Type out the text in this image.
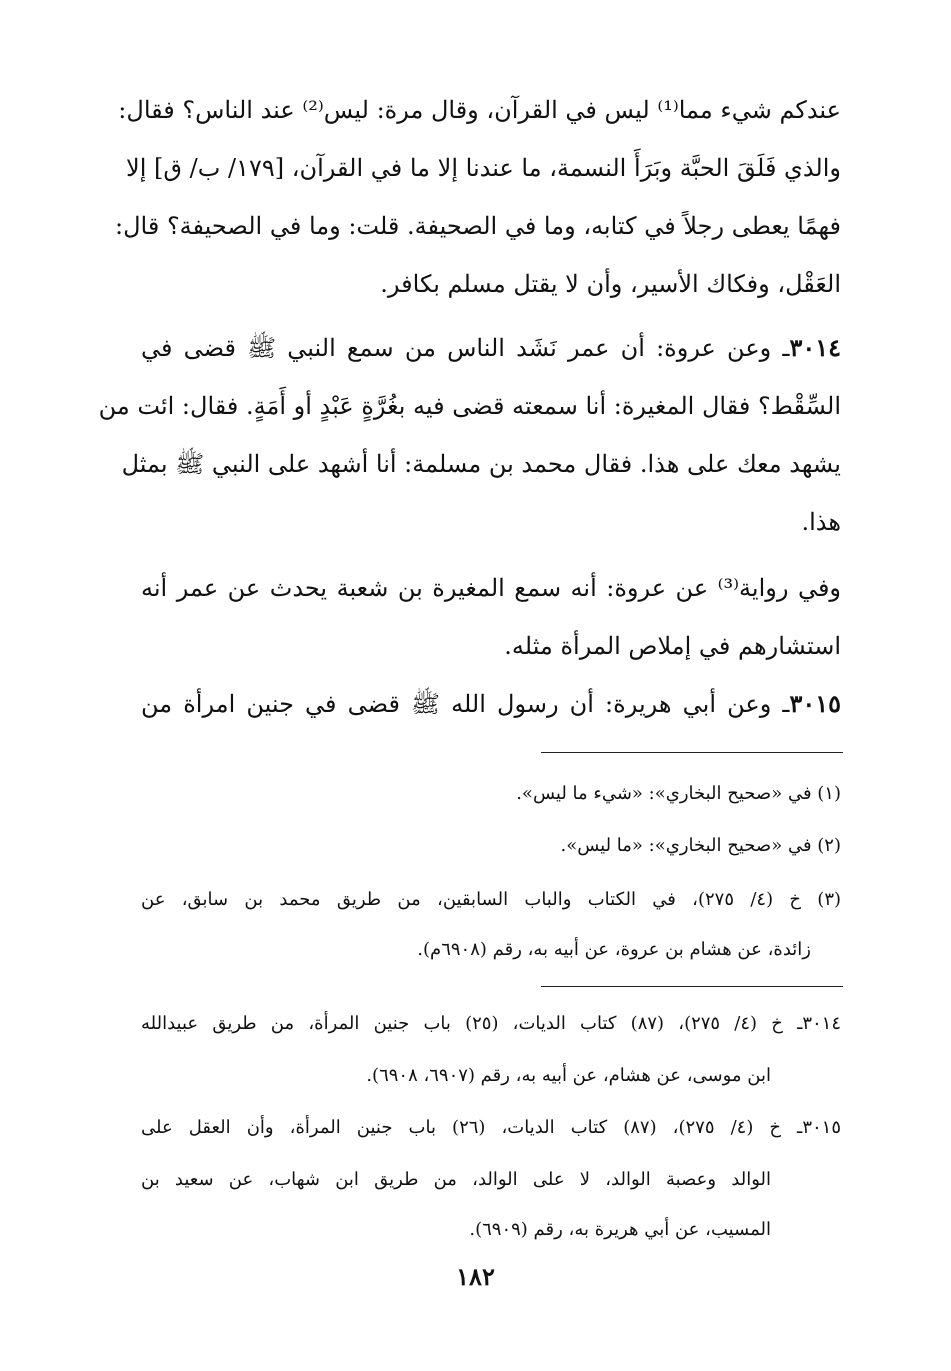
عندكم شيء مما⁽¹⁾ ليس في القرآن، وقال مرة: ليس⁽²⁾ عند الناس؟ فقال:
والذي فَلَقَ الحبَّة وبَرَأَ النسمة، ما عندنا إلا ما في القرآن، [١٧٩/ ب/ ق] إلا
فهمًا يعطى رجلاً في كتابه، وما في الصحيفة. قلت: وما في الصحيفة؟ قال:
العَقْل، وفكاك الأسير، وأن لا يقتل مسلم بكافر.
٣٠١٤ـ وعن عروة: أن عمر نَشَد الناس من سمع النبي ﷺ قضى في
السِّقْط؟ فقال المغيرة: أنا سمعته قضى فيه بغُرَّةٍ عَبْدٍ أو أَمَةٍ. فقال: ائت من
يشهد معك على هذا. فقال محمد بن مسلمة: أنا أشهد على النبي ﷺ بمثل
هذا.
وفي رواية⁽³⁾ عن عروة: أنه سمع المغيرة بن شعبة يحدث عن عمر أنه
استشارهم في إملاص المرأة مثله.
٣٠١٥ـ وعن أبي هريرة: أن رسول الله ﷺ قضى في جنين امرأة من
(١) في «صحيح البخاري»: «شيء ما ليس».
(٢) في «صحيح البخاري»: «ما ليس».
(٣) خ (٤/ ٢٧٥)، في الكتاب والباب السابقين، من طريق محمد بن سابق، عن
زائدة، عن هشام بن عروة، عن أبيه به، رقم (٦٩٠٨م).
٣٠١٤ـ خ (٤/ ٢٧٥)، (٨٧) كتاب الديات، (٢٥) باب جنين المرأة، من طريق عبيدالله
ابن موسى، عن هشام، عن أبيه به، رقم (٦٩٠٧، ٦٩٠٨).
٣٠١٥ـ خ (٤/ ٢٧٥)، (٨٧) كتاب الديات، (٢٦) باب جنين المرأة، وأن العقل على
الوالد وعصبة الوالد، لا على الوالد، من طريق ابن شهاب، عن سعيد بن
المسيب، عن أبي هريرة به، رقم (٦٩٠٩).
١٨٢
